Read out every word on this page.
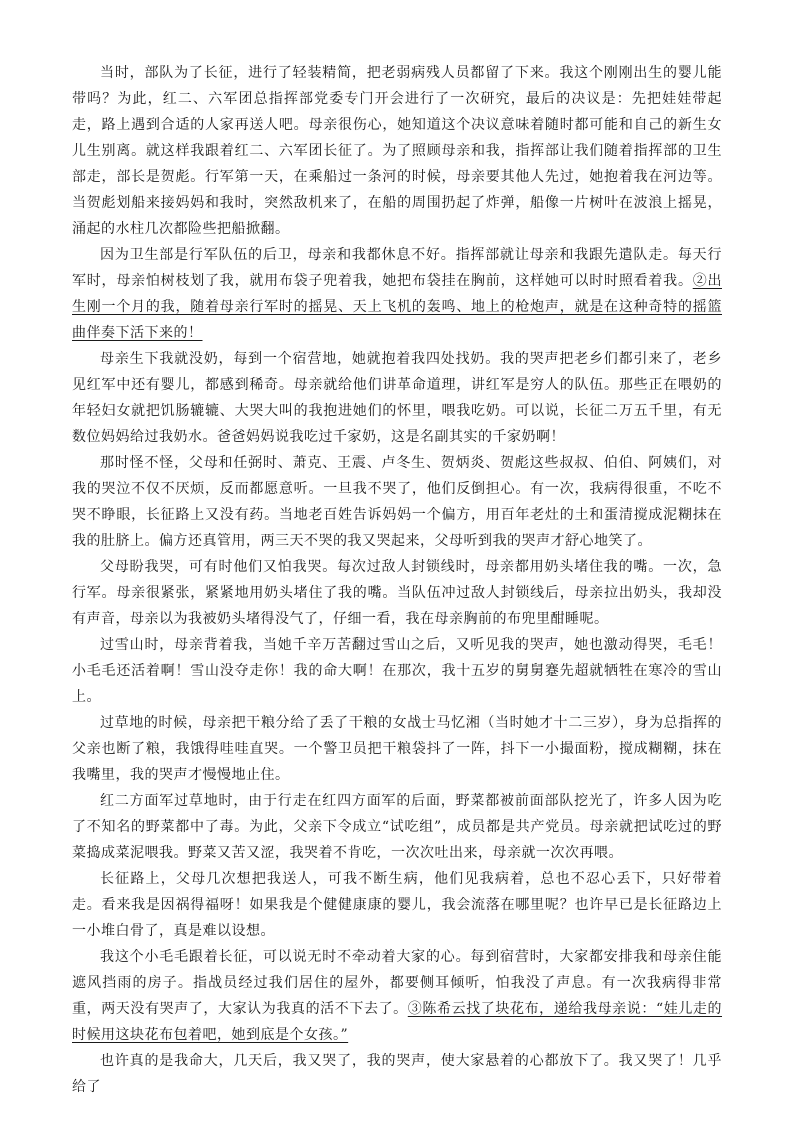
当时，部队为了长征，进行了轻装精简，把老弱病残人员都留了下来。我这个刚刚出生的婴儿能带吗？为此，红二、六军团总指挥部党委专门开会进行了一次研究，最后的决议是：先把娃娃带起走，路上遇到合适的人家再送人吧。母亲很伤心，她知道这个决议意味着随时都可能和自己的新生女儿生别离。就这样我跟着红二、六军团长征了。为了照顾母亲和我，指挥部让我们随着指挥部的卫生部走，部长是贺彪。行军第一天，在乘船过一条河的时候，母亲要其他人先过，她抱着我在河边等。当贺彪划船来接妈妈和我时，突然敌机来了，在船的周围扔起了炸弹，船像一片树叶在波浪上摇晃，涌起的水柱几次都险些把船掀翻。

因为卫生部是行军队伍的后卫，母亲和我都休息不好。指挥部就让母亲和我跟先遣队走。每天行军时，母亲怕树枝划了我，就用布袋子兜着我，她把布袋挂在胸前，这样她可以时时照看着我。②出生刚一个月的我，随着母亲行军时的摇晃、天上飞机的轰鸣、地上的枪炮声，就是在这种奇特的摇篮曲伴奏下活下来的！

母亲生下我就没奶，每到一个宿营地，她就抱着我四处找奶。我的哭声把老乡们都引来了，老乡见红军中还有婴儿，都感到稀奇。母亲就给他们讲革命道理，讲红军是穷人的队伍。那些正在喂奶的年轻妇女就把饥肠辘辘、大哭大叫的我抱进她们的怀里，喂我吃奶。可以说，长征二万五千里，有无数位妈妈给过我奶水。爸爸妈妈说我吃过千家奶，这是名副其实的千家奶啊！

那时怪不怪，父母和任弼时、萧克、王震、卢冬生、贺炳炎、贺彪这些叔叔、伯伯、阿姨们，对我的哭泣不仅不厌烦，反而都愿意听。一旦我不哭了，他们反倒担心。有一次，我病得很重，不吃不哭不睁眼，长征路上又没有药。当地老百姓告诉妈妈一个偏方，用百年老灶的土和蛋清搅成泥糊抹在我的肚脐上。偏方还真管用，两三天不哭的我又哭起来，父母听到我的哭声才舒心地笑了。

父母盼我哭，可有时他们又怕我哭。每次过敌人封锁线时，母亲都用奶头堵住我的嘴。一次，急行军。母亲很紧张，紧紧地用奶头堵住了我的嘴。当队伍冲过敌人封锁线后，母亲拉出奶头，我却没有声音，母亲以为我被奶头堵得没气了，仔细一看，我在母亲胸前的布兜里酣睡呢。

过雪山时，母亲背着我，当她千辛万苦翻过雪山之后，又听见我的哭声，她也激动得哭，毛毛！小毛毛还活着啊！雪山没夺走你！我的命大啊！在那次，我十五岁的舅舅蹇先超就牺牲在寒冷的雪山上。

过草地的时候，母亲把干粮分给了丢了干粮的女战士马忆湘（当时她才十二三岁），身为总指挥的父亲也断了粮，我饿得哇哇直哭。一个警卫员把干粮袋抖了一阵，抖下一小撮面粉，搅成糊糊，抹在我嘴里，我的哭声才慢慢地止住。

红二方面军过草地时，由于行走在红四方面军的后面，野菜都被前面部队挖光了，许多人因为吃了不知名的野菜都中了毒。为此，父亲下令成立“试吃组”，成员都是共产党员。母亲就把试吃过的野菜捣成菜泥喂我。野菜又苦又涩，我哭着不肯吃，一次次吐出来，母亲就一次次再喂。

长征路上，父母几次想把我送人，可我不断生病，他们见我病着，总也不忍心丢下，只好带着走。看来我是因祸得福呀！如果我是个健健康康的婴儿，我会流落在哪里呢？也许早已是长征路边上一小堆白骨了，真是难以设想。

我这个小毛毛跟着长征，可以说无时不牵动着大家的心。每到宿营时，大家都安排我和母亲住能遮风挡雨的房子。指战员经过我们居住的屋外，都要侧耳倾听，怕我没了声息。有一次我病得非常重，两天没有哭声了，大家认为我真的活不下去了。③陈希云找了块花布，递给我母亲说：“娃儿走的时候用这块花布包着吧，她到底是个女孩。”

也许真的是我命大，几天后，我又哭了，我的哭声，使大家悬着的心都放下了。我又哭了！几乎给了
